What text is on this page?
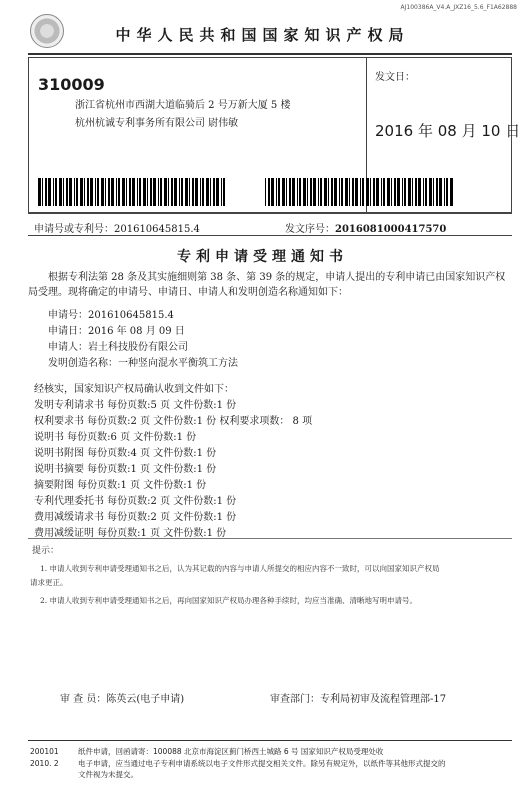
AJ100386A_V4.A_JXZ16_5.6_F1A62888
中华人民共和国国家知识产权局
310009
浙江省杭州市西湖大道临骑后 2 号万新大厦 5 楼
杭州杭诚专利事务所有限公司 尉伟敏
发文日：
2016 年 08 月 10 日
申请号或专利号：201610645815.4	发文序号：2016081000417570
专利申请受理通知书
根据专利法第 28 条及其实施细则第 38 条、第 39 条的规定，申请人提出的专利申请已由国家知识产权局受理。现将确定的申请号、申请日、申请人和发明创造名称通知如下：
申请号：201610645815.4
申请日：2016 年 08 月 09 日
申请人：岩土科技股份有限公司
发明创造名称：一种竖向混水平衡筑工方法
经核实，国家知识产权局确认收到文件如下：
发明专利请求书 每份页数:5 页 文件份数:1 份
权利要求书 每份页数:2 页 文件份数:1 份 权利要求项数： 8 项
说明书 每份页数:6 页 文件份数:1 份
说明书附图 每份页数:4 页 文件份数:1 份
说明书摘要 每份页数:1 页 文件份数:1 份
摘要附图 每份页数:1 页 文件份数:1 份
专利代理委托书 每份页数:2 页 文件份数:1 份
费用减缓请求书 每份页数:2 页 文件份数:1 份
费用减缓证明 每份页数:1 页 文件份数:1 份
提示：
1. 申请人收到专利申请受理通知书之后，认为其记载的内容与申请人所提交的相应内容不一致时，可以向国家知识产权局
请求更正。
2. 申请人收到专利申请受理通知书之后，再向国家知识产权局办理各种手续时，均应当准确、清晰地写明申请号。
审 查 员：陈英云(电子申请)	审查部门：专利局初审及流程管理部-17
200101
2010. 2
纸件申请，回函请寄：100088 北京市海淀区蓟门桥西土城路 6 号 国家知识产权局受理处收
电子申请，应当通过电子专利申请系统以电子文件形式提交相关文件。除另有规定外，以纸件等其他形式提交的
文件视为未提交。
